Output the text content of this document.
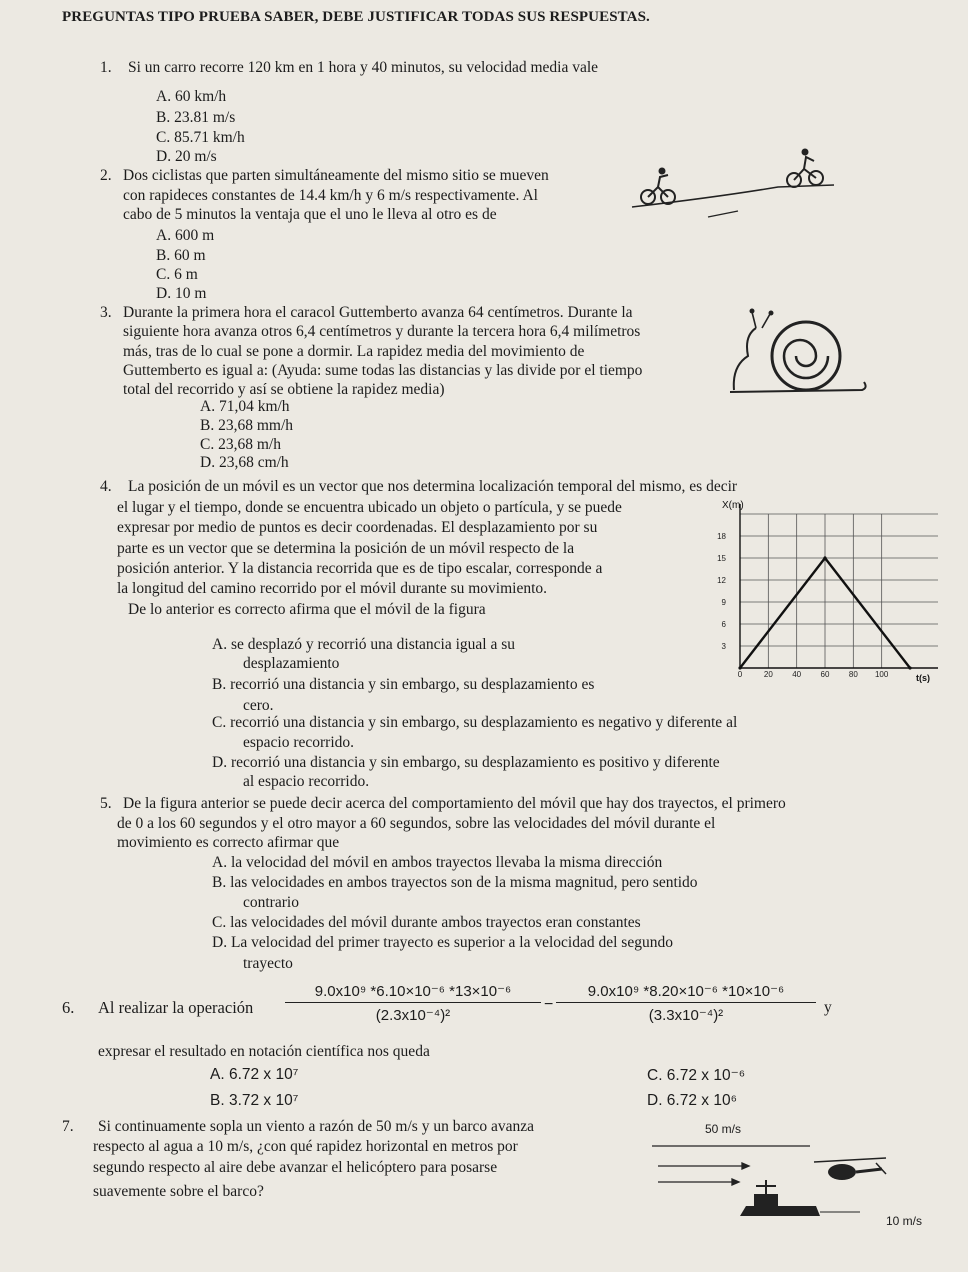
PREGUNTAS TIPO PRUEBA SABER, DEBE JUSTIFICAR TODAS SUS RESPUESTAS.
1. Si un carro recorre 120 km en 1 hora y 40 minutos, su velocidad media vale
A. 60 km/h
B. 23.81 m/s
C. 85.71 km/h
D. 20 m/s
2. Dos ciclistas que parten simultáneamente del mismo sitio se mueven
con rapideces constantes de 14.4 km/h y 6 m/s respectivamente. Al
cabo de 5 minutos la ventaja que el uno le lleva al otro es de
A. 600 m
B. 60 m
C. 6 m
D. 10 m
3. Durante la primera hora el caracol Guttemberto avanza 64 centímetros. Durante la
siguiente hora avanza otros 6,4 centímetros y durante la tercera hora 6,4 milímetros
más, tras de lo cual se pone a dormir. La rapidez media del movimiento de
Guttemberto es igual a: (Ayuda: sume todas las distancias y las divide por el tiempo
total del recorrido y así se obtiene la rapidez media)
A. 71,04 km/h
B. 23,68 mm/h
C. 23,68 m/h
D. 23,68 cm/h
4. La posición de un móvil es un vector que nos determina localización temporal del mismo, es decir
el lugar y el tiempo, donde se encuentra ubicado un objeto o partícula, y se puede
expresar por medio de puntos es decir coordenadas. El desplazamiento por su
parte es un vector que se determina la posición de un móvil respecto de la
posición anterior. Y la distancia recorrida que es de tipo escalar, corresponde a
la longitud del camino recorrido por el móvil durante su movimiento.
De lo anterior es correcto afirma que el móvil de la figura
A. se desplazó y recorrió una distancia igual a su
desplazamiento
B. recorrió una distancia y sin embargo, su desplazamiento es
cero.
C. recorrió una distancia y sin embargo, su desplazamiento es negativo y diferente al
espacio recorrido.
D. recorrió una distancia y sin embargo, su desplazamiento es positivo y diferente
al espacio recorrido.
3
6
9
12
15
18
0	20 40 60 80 100
X(m)
t(s)
5. De la figura anterior se puede decir acerca del comportamiento del móvil que hay dos trayectos, el primero
de 0 a los 60 segundos y el otro mayor a 60 segundos, sobre las velocidades del móvil durante el
movimiento es correcto afirmar que
A. la velocidad del móvil en ambos trayectos llevaba la misma dirección
B. las velocidades en ambos trayectos son de la misma magnitud, pero sentido
contrario
C. las velocidades del móvil durante ambos trayectos eran constantes
D. La velocidad del primer trayecto es superior a la velocidad del segundo
trayecto
6. Al realizar la operación $\frac{\text{9.0x10⁹ *6.10×10⁻⁶ *13×10⁻⁶}}{\text{(2.3x10⁻⁴)²}} - \frac{\text{9.0x10⁹ *8.20×10⁻⁶ *10×10⁻⁶}}{\text{(3.3x10⁻⁴)²}}$ y
expresar el resultado en notación científica nos queda
A. 6.72 x 10⁷
B. 3.72 x 10⁷
C. 6.72 x 10⁻⁶
D. 6.72 x 10⁶
7. Si continuamente sopla un viento a razón de 50 m/s y un barco avanza
respecto al agua a 10 m/s, ¿con qué rapidez horizontal en metros por
segundo respecto al aire debe avanzar el helicóptero para posarse
suavemente sobre el barco?
50 m/s
10 m/s
